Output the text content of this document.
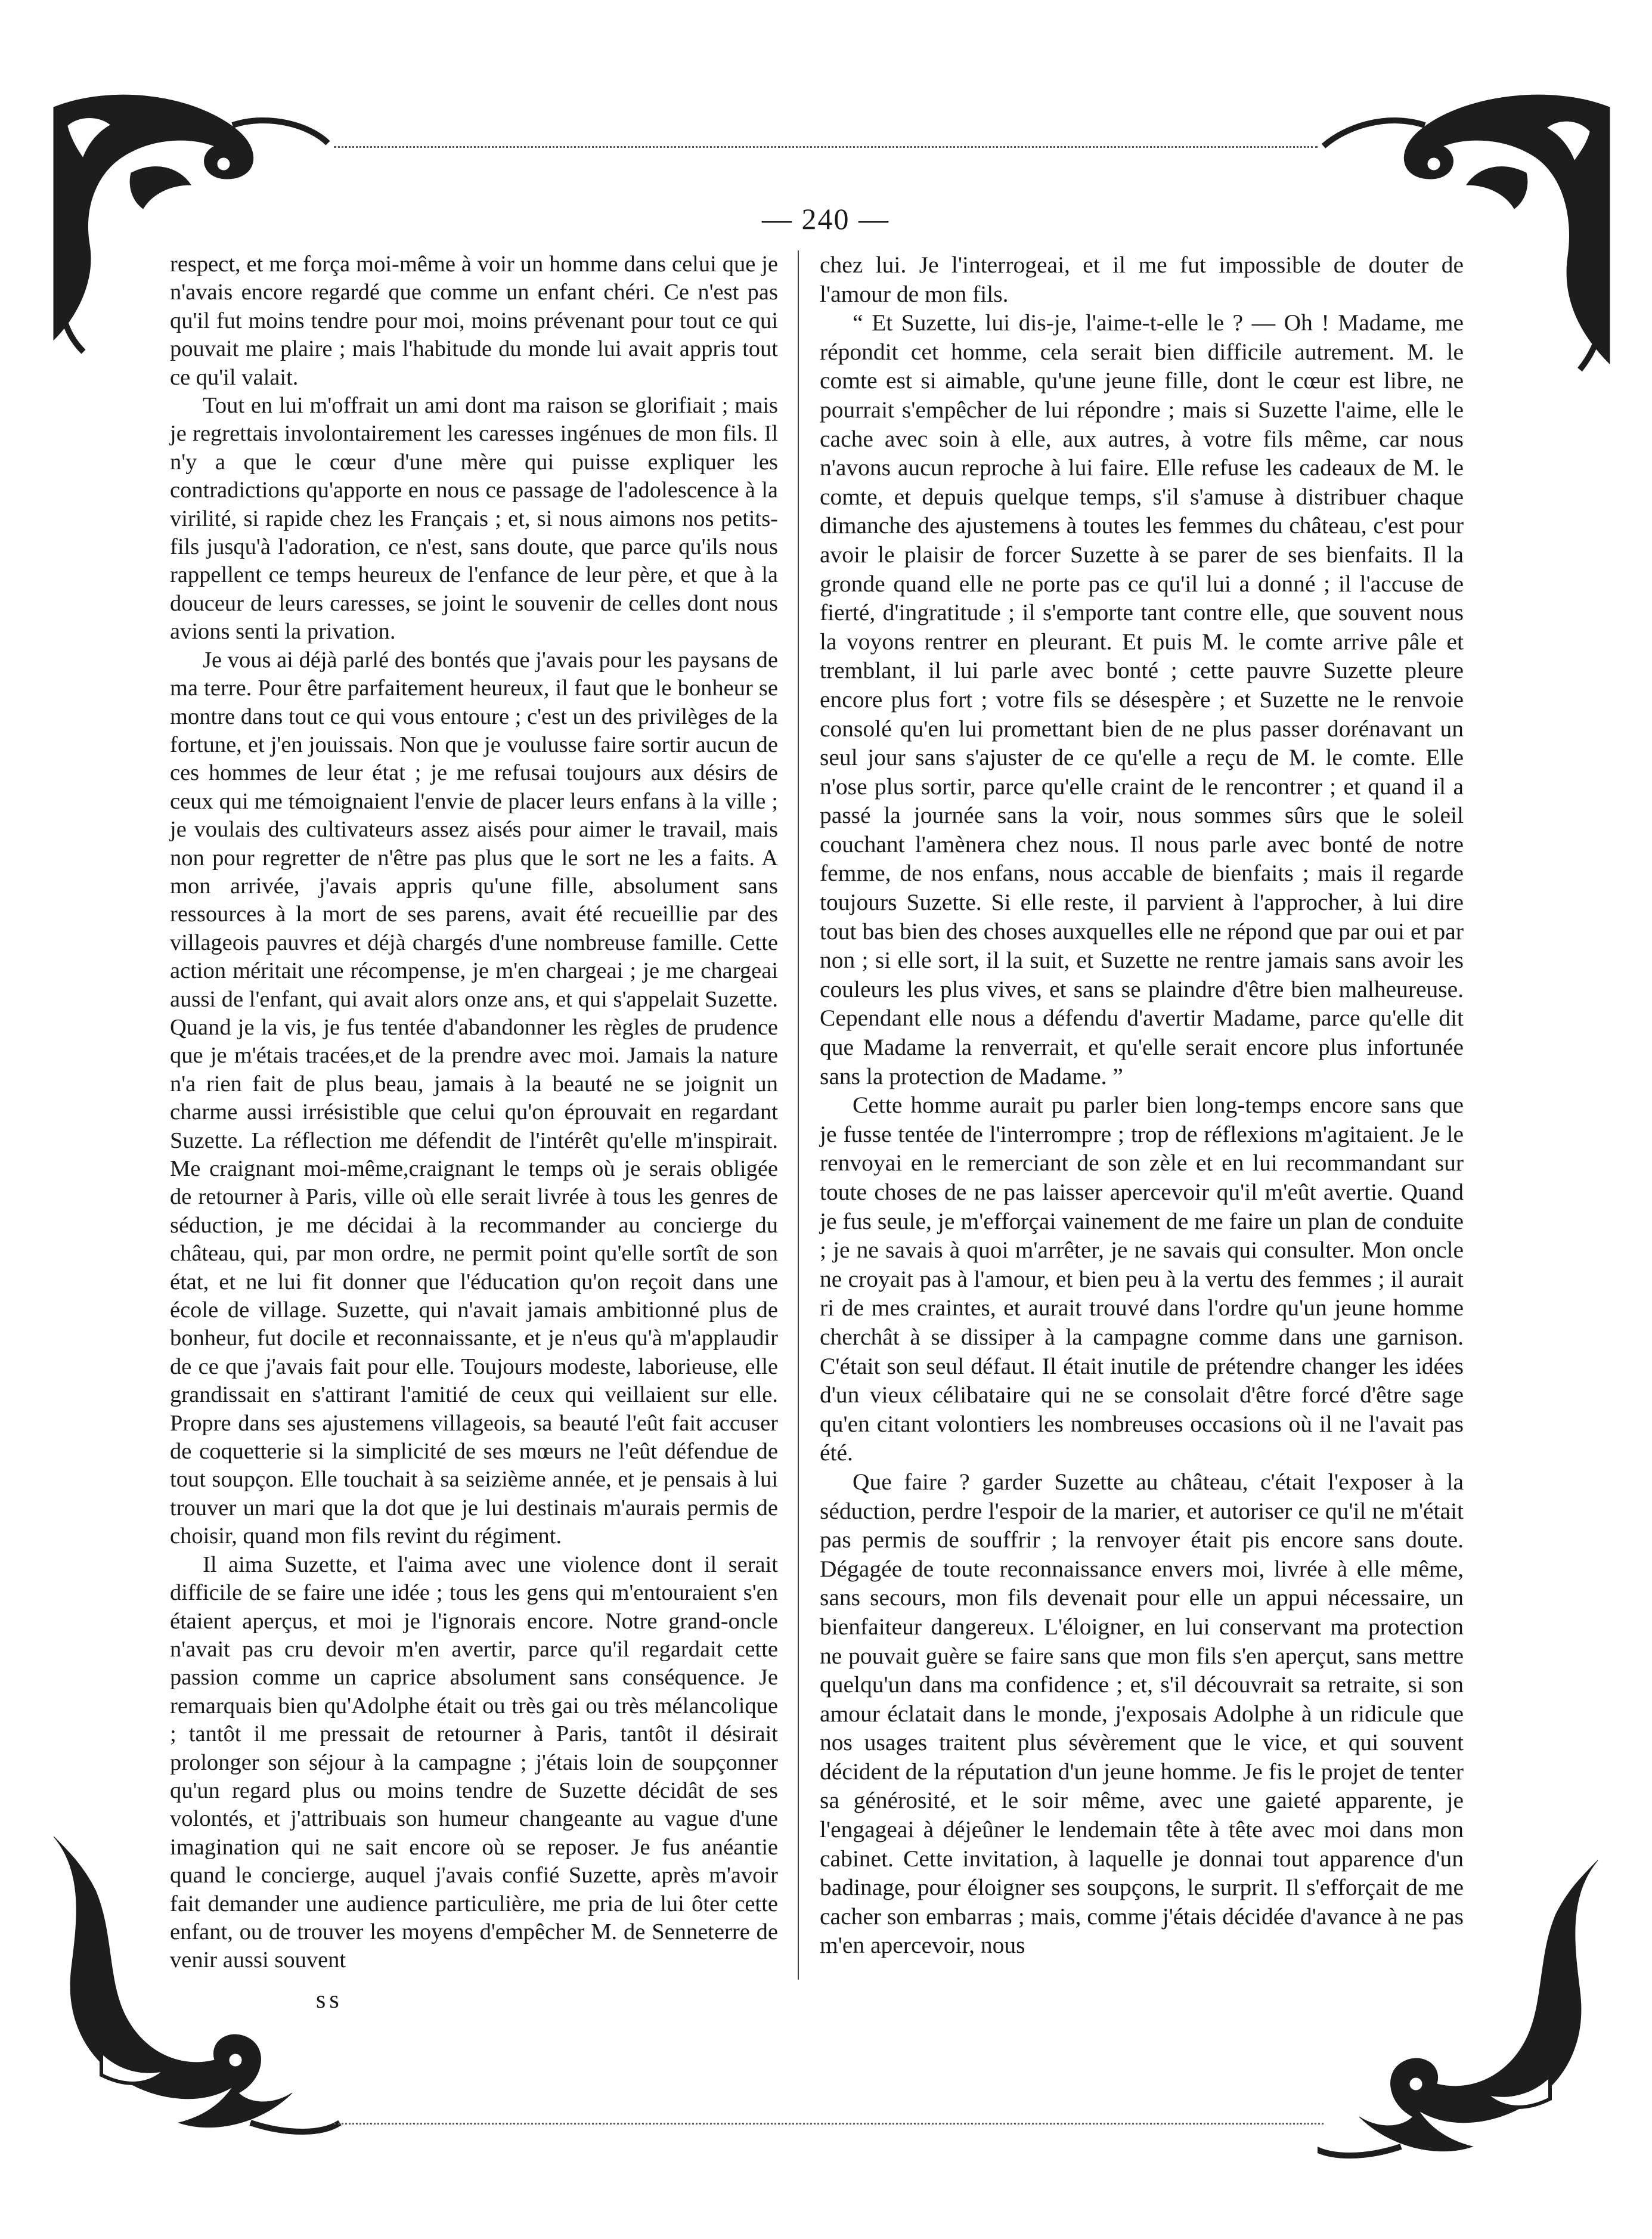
— 240 —

respect, et me força moi-même à voir un homme dans celui que je n'avais encore regardé que comme un enfant chéri. Ce n'est pas qu'il fut moins tendre pour moi, moins prévenant pour tout ce qui pouvait me plaire ; mais l'habitude du monde lui avait appris tout ce qu'il valait.

Tout en lui m'offrait un ami dont ma raison se glorifiait ; mais je regrettais involontairement les caresses ingénues de mon fils. Il n'y a que le cœur d'une mère qui puisse expliquer les contradictions qu'apporte en nous ce passage de l'adolescence à la virilité, si rapide chez les Français ; et, si nous aimons nos petits-fils jusqu'à l'adoration, ce n'est, sans doute, que parce qu'ils nous rappellent ce temps heureux de l'enfance de leur père, et que à la douceur de leurs caresses, se joint le souvenir de celles dont nous avions senti la privation.

Je vous ai déjà parlé des bontés que j'avais pour les paysans de ma terre. Pour être parfaitement heureux, il faut que le bonheur se montre dans tout ce qui vous entoure ; c'est un des privilèges de la fortune, et j'en jouissais. Non que je voulusse faire sortir aucun de ces hommes de leur état ; je me refusai toujours aux désirs de ceux qui me témoignaient l'envie de placer leurs enfans à la ville ; je voulais des cultivateurs assez aisés pour aimer le travail, mais non pour regretter de n'être pas plus que le sort ne les a faits. A mon arrivée, j'avais appris qu'une fille, absolument sans ressources à la mort de ses parens, avait été recueillie par des villageois pauvres et déjà chargés d'une nombreuse famille. Cette action méritait une récompense, je m'en chargeai ; je me chargeai aussi de l'enfant, qui avait alors onze ans, et qui s'appelait Suzette. Quand je la vis, je fus tentée d'abandonner les règles de prudence que je m'étais tracées,et de la prendre avec moi. Jamais la nature n'a rien fait de plus beau, jamais à la beauté ne se joignit un charme aussi irrésistible que celui qu'on éprouvait en regardant Suzette. La réflection me défendit de l'intérêt qu'elle m'inspirait. Me craignant moi-même,craignant le temps où je serais obligée de retourner à Paris, ville où elle serait livrée à tous les genres de séduction, je me décidai à la recommander au concierge du château, qui, par mon ordre, ne permit point qu'elle sortît de son état, et ne lui fit donner que l'éducation qu'on reçoit dans une école de village. Suzette, qui n'avait jamais ambitionné plus de bonheur, fut docile et reconnaissante, et je n'eus qu'à m'applaudir de ce que j'avais fait pour elle. Toujours modeste, laborieuse, elle grandissait en s'attirant l'amitié de ceux qui veillaient sur elle. Propre dans ses ajustemens villageois, sa beauté l'eût fait accuser de coquetterie si la simplicité de ses mœurs ne l'eût défendue de tout soupçon. Elle touchait à sa seizième année, et je pensais à lui trouver un mari que la dot que je lui destinais m'aurais permis de choisir, quand mon fils revint du régiment.

Il aima Suzette, et l'aima avec une violence dont il serait difficile de se faire une idée ; tous les gens qui m'entouraient s'en étaient aperçus, et moi je l'ignorais encore. Notre grand-oncle n'avait pas cru devoir m'en avertir, parce qu'il regardait cette passion comme un caprice absolument sans conséquence. Je remarquais bien qu'Adolphe était ou très gai ou très mélancolique ; tantôt il me pressait de retourner à Paris, tantôt il désirait prolonger son séjour à la campagne ; j'étais loin de soupçonner qu'un regard plus ou moins tendre de Suzette décidât de ses volontés, et j'attribuais son humeur changeante au vague d'une imagination qui ne sait encore où se reposer. Je fus anéantie quand le concierge, auquel j'avais confié Suzette, après m'avoir fait demander une audience particulière, me pria de lui ôter cette enfant, ou de trouver les moyens d'empêcher M. de Senneterre de venir aussi souvent

chez lui. Je l'interrogeai, et il me fut impossible de douter de l'amour de mon fils.

“ Et Suzette, lui dis-je, l'aime-t-elle le ? — Oh ! Madame, me répondit cet homme, cela serait bien difficile autrement. M. le comte est si aimable, qu'une jeune fille, dont le cœur est libre, ne pourrait s'empêcher de lui répondre ; mais si Suzette l'aime, elle le cache avec soin à elle, aux autres, à votre fils même, car nous n'avons aucun reproche à lui faire. Elle refuse les cadeaux de M. le comte, et depuis quelque temps, s'il s'amuse à distribuer chaque dimanche des ajustemens à toutes les femmes du château, c'est pour avoir le plaisir de forcer Suzette à se parer de ses bienfaits. Il la gronde quand elle ne porte pas ce qu'il lui a donné ; il l'accuse de fierté, d'ingratitude ; il s'emporte tant contre elle, que souvent nous la voyons rentrer en pleurant. Et puis M. le comte arrive pâle et tremblant, il lui parle avec bonté ; cette pauvre Suzette pleure encore plus fort ; votre fils se désespère ; et Suzette ne le renvoie consolé qu'en lui promettant bien de ne plus passer dorénavant un seul jour sans s'ajuster de ce qu'elle a reçu de M. le comte. Elle n'ose plus sortir, parce qu'elle craint de le rencontrer ; et quand il a passé la journée sans la voir, nous sommes sûrs que le soleil couchant l'amènera chez nous. Il nous parle avec bonté de notre femme, de nos enfans, nous accable de bienfaits ; mais il regarde toujours Suzette. Si elle reste, il parvient à l'approcher, à lui dire tout bas bien des choses auxquelles elle ne répond que par oui et par non ; si elle sort, il la suit, et Suzette ne rentre jamais sans avoir les couleurs les plus vives, et sans se plaindre d'être bien malheureuse. Cependant elle nous a défendu d'avertir Madame, parce qu'elle dit que Madame la renverrait, et qu'elle serait encore plus infortunée sans la protection de Madame. ”

Cette homme aurait pu parler bien long-temps encore sans que je fusse tentée de l'interrompre ; trop de réflexions m'agitaient. Je le renvoyai en le remerciant de son zèle et en lui recommandant sur toute choses de ne pas laisser apercevoir qu'il m'eût avertie. Quand je fus seule, je m'efforçai vainement de me faire un plan de conduite ; je ne savais à quoi m'arrêter, je ne savais qui consulter. Mon oncle ne croyait pas à l'amour, et bien peu à la vertu des femmes ; il aurait ri de mes craintes, et aurait trouvé dans l'ordre qu'un jeune homme cherchât à se dissiper à la campagne comme dans une garnison. C'était son seul défaut. Il était inutile de prétendre changer les idées d'un vieux célibataire qui ne se consolait d'être forcé d'être sage qu'en citant volontiers les nombreuses occasions où il ne l'avait pas été.

Que faire ? garder Suzette au château, c'était l'exposer à la séduction, perdre l'espoir de la marier, et autoriser ce qu'il ne m'était pas permis de souffrir ; la renvoyer était pis encore sans doute. Dégagée de toute reconnaissance envers moi, livrée à elle même, sans secours, mon fils devenait pour elle un appui nécessaire, un bienfaiteur dangereux. L'éloigner, en lui conservant ma protection ne pouvait guère se faire sans que mon fils s'en aperçut, sans mettre quelqu'un dans ma confidence ; et, s'il découvrait sa retraite, si son amour éclatait dans le monde, j'exposais Adolphe à un ridicule que nos usages traitent plus sévèrement que le vice, et qui souvent décident de la réputation d'un jeune homme. Je fis le projet de tenter sa générosité, et le soir même, avec une gaieté apparente, je l'engageai à déjeûner le lendemain tête à tête avec moi dans mon cabinet. Cette invitation, à laquelle je donnai tout apparence d'un badinage, pour éloigner ses soupçons, le surprit. Il s'efforçait de me cacher son embarras ; mais, comme j'étais décidée d'avance à ne pas m'en apercevoir, nous

ss
